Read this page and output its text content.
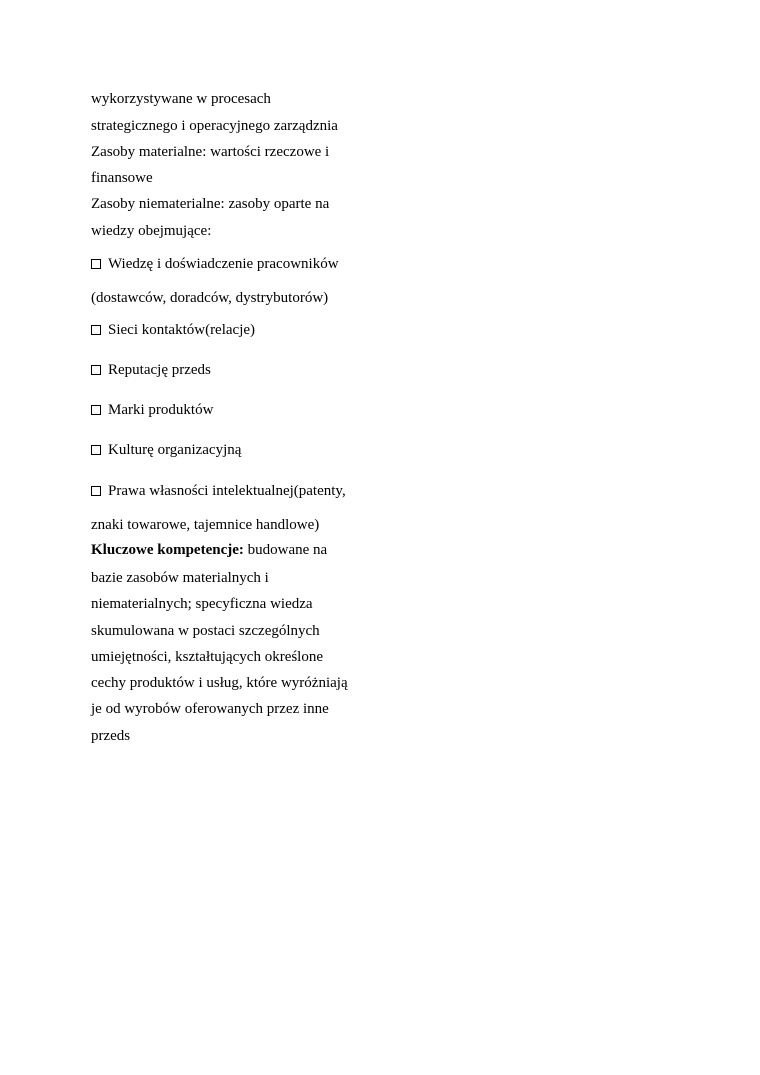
wykorzystywane w procesach
strategicznego i operacyjnego zarządznia
Zasoby materialne: wartości rzeczowe i
finansowe
Zasoby niematerialne: zasoby oparte na
wiedzy obejmujące:
Wiedzę i doświadczenie pracowników
(dostawców, doradców, dystrybutorów)
Sieci kontaktów(relacje)
Reputację przeds
Marki produktów
Kulturę organizacyjną
Prawa własności intelektualnej(patenty,
znaki towarowe, tajemnice handlowe)
Kluczowe kompetencje: budowane na
bazie zasobów materialnych i
niematerialnych; specyficzna wiedza
skumulowana w postaci szczególnych
umiejętności, kształtujących określone
cechy produktów i usług, które wyróżniają
je od wyrobów oferowanych przez inne
przeds
